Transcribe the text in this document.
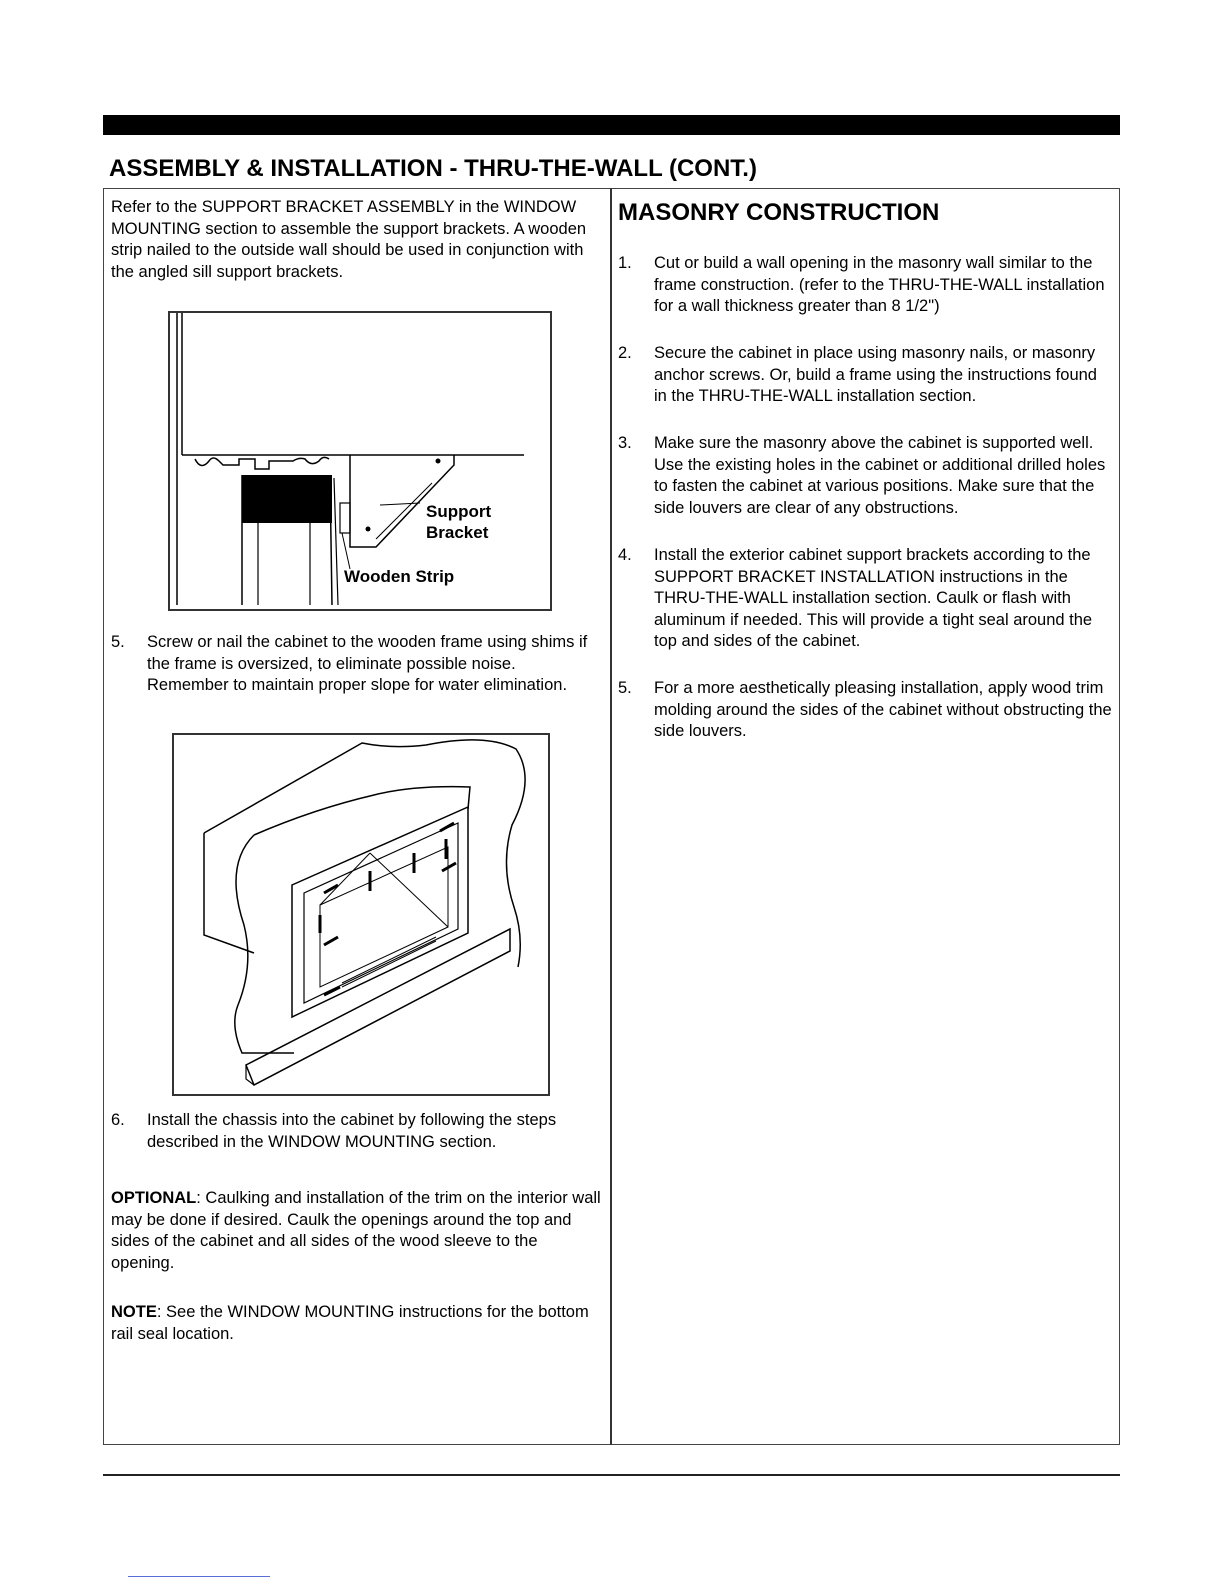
ASSEMBLY & INSTALLATION - THRU-THE-WALL (CONT.)

Refer to the SUPPORT BRACKET ASSEMBLY in the WINDOW MOUNTING section to assemble the support brackets. A wooden strip nailed to the outside wall should be used in conjunction with the angled sill support brackets.

Support
Bracket
Wooden Strip
5.	Screw or nail the cabinet to the wooden frame using shims if the frame is oversized, to eliminate possible noise. Remember to maintain proper slope for water elimination.
6.	Install the chassis into the cabinet by following the steps described in the WINDOW MOUNTING section.

OPTIONAL: Caulking and installation of the trim on the interior wall may be done if desired. Caulk the openings around the top and sides of the cabinet and all sides of the wood sleeve to the opening.

NOTE: See the WINDOW MOUNTING instructions for the bottom rail seal location.

MASONRY CONSTRUCTION
1.	Cut or build a wall opening in the masonry wall similar to the frame construction. (refer to the THRU-THE-WALL installation for a wall thickness greater than 8 1/2")
2.	Secure the cabinet in place using masonry nails, or masonry anchor screws. Or, build a frame using the instructions found in the THRU-THE-WALL installation section.
3.	Make sure the masonry above the cabinet is supported well. Use the existing holes in the cabinet or additional drilled holes to fasten the cabinet at various positions. Make sure that the side louvers are clear of any obstructions.
4.	Install the exterior cabinet support brackets according to the SUPPORT BRACKET INSTALLATION instructions in the THRU-THE-WALL installation section. Caulk or flash with aluminum if needed. This will provide a tight seal around the top and sides of the cabinet.
5.	For a more aesthetically pleasing installation, apply wood trim molding around the sides of the cabinet without obstructing the side louvers.
